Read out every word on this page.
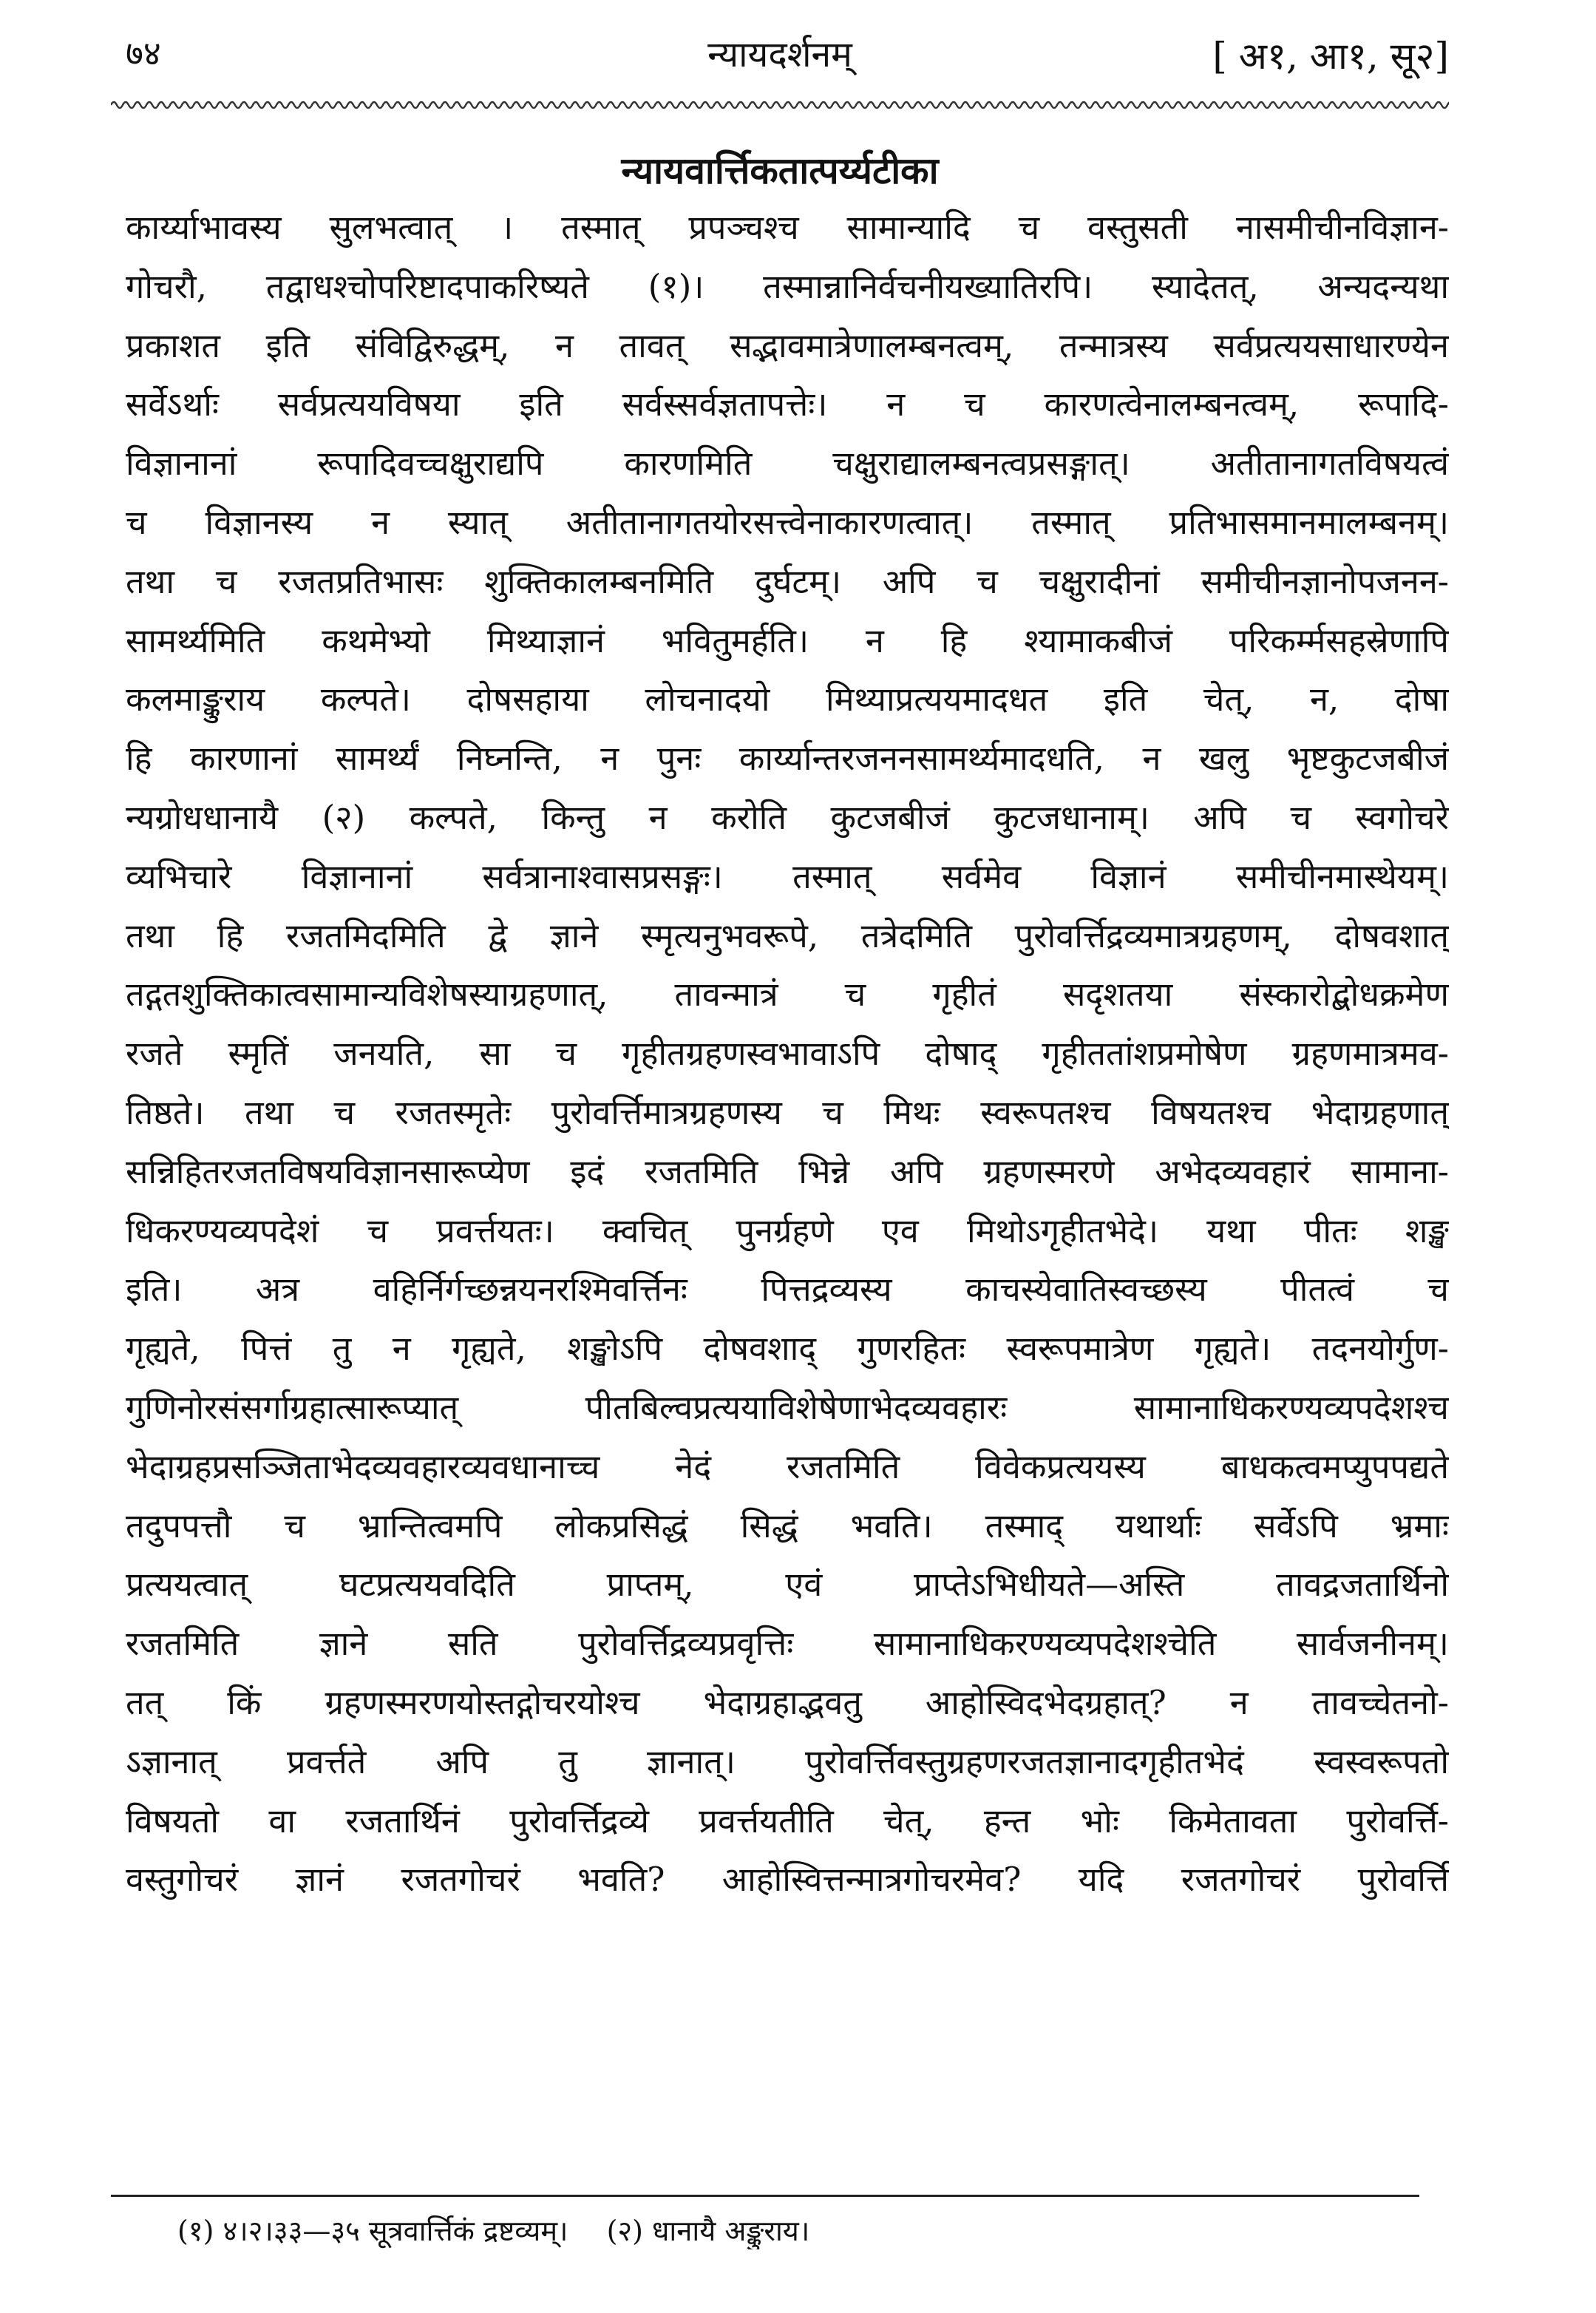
७४	न्यायदर्शनम्	[ अ१, आ१, सू२]
न्यायवार्त्तिकतात्पर्य्यटीका
कार्य्याभावस्य सुलभत्वात् । तस्मात् प्रपञ्चश्च सामान्यादि च वस्तुसती नासमीचीनविज्ञान-
गोचरौ, तद्वाधश्चोपरिष्टादपाकरिष्यते (१)। तस्मान्नानिर्वचनीयख्यातिरपि। स्यादेतत्, अन्यदन्यथा
प्रकाशत इति संविद्विरुद्धम्, न तावत् सद्भावमात्रेणालम्बनत्वम्, तन्मात्रस्य सर्वप्रत्ययसाधारण्येन
सर्वेऽर्थाः सर्वप्रत्ययविषया इति सर्वस्सर्वज्ञतापत्तेः। न च कारणत्वेनालम्बनत्वम्, रूपादि-
विज्ञानानां रूपादिवच्चक्षुराद्यपि कारणमिति चक्षुराद्यालम्बनत्वप्रसङ्गात्। अतीतानागतविषयत्वं
च विज्ञानस्य न स्यात् अतीतानागतयोरसत्त्वेनाकारणत्वात्। तस्मात् प्रतिभासमानमालम्बनम्।
तथा च रजतप्रतिभासः शुक्तिकालम्बनमिति दुर्घटम्। अपि च चक्षुरादीनां समीचीनज्ञानोपजनन-
सामर्थ्यमिति कथमेभ्यो मिथ्याज्ञानं भवितुमर्हति। न हि श्यामाकबीजं परिकर्म्मसहस्रेणापि
कलमाङ्कुराय कल्पते। दोषसहाया लोचनादयो मिथ्याप्रत्ययमादधत इति चेत्, न, दोषा
हि कारणानां सामर्थ्यं निघ्नन्ति, न पुनः कार्य्यान्तरजननसामर्थ्यमादधति, न खलु भृष्टकुटजबीजं
न्यग्रोधधानायै (२) कल्पते, किन्तु न करोति कुटजबीजं कुटजधानाम्। अपि च स्वगोचरे
व्यभिचारे विज्ञानानां सर्वत्रानाश्वासप्रसङ्गः। तस्मात् सर्वमेव विज्ञानं समीचीनमास्थेयम्।
तथा हि रजतमिदमिति द्वे ज्ञाने स्मृत्यनुभवरूपे, तत्रेदमिति पुरोवर्त्तिद्रव्यमात्रग्रहणम्, दोषवशात्
तद्गतशुक्तिकात्वसामान्यविशेषस्याग्रहणात्, तावन्मात्रं च गृहीतं सदृशतया संस्कारोद्बोधक्रमेण
रजते स्मृतिं जनयति, सा च गृहीतग्रहणस्वभावाऽपि दोषाद् गृहीततांशप्रमोषेण ग्रहणमात्रमव-
तिष्ठते। तथा च रजतस्मृतेः पुरोवर्त्तिमात्रग्रहणस्य च मिथः स्वरूपतश्च विषयतश्च भेदाग्रहणात्
सन्निहितरजतविषयविज्ञानसारूप्येण इदं रजतमिति भिन्ने अपि ग्रहणस्मरणे अभेदव्यवहारं सामाना-
धिकरण्यव्यपदेशं च प्रवर्त्तयतः। क्वचित् पुनर्ग्रहणे एव मिथोऽगृहीतभेदे। यथा पीतः शङ्ख
इति। अत्र वहिर्निर्गच्छन्नयनरश्मिवर्त्तिनः पित्तद्रव्यस्य काचस्येवातिस्वच्छस्य पीतत्वं च
गृह्यते, पित्तं तु न गृह्यते, शङ्खोऽपि दोषवशाद् गुणरहितः स्वरूपमात्रेण गृह्यते। तदनयोर्गुण-
गुणिनोरसंसर्गाग्रहात्सारूप्यात् पीतबिल्वप्रत्ययाविशेषेणाभेदव्यवहारः सामानाधिकरण्यव्यपदेशश्च
भेदाग्रहप्रसञ्जिताभेदव्यवहारव्यवधानाच्च नेदं रजतमिति विवेकप्रत्ययस्य बाधकत्वमप्युपपद्यते
तदुपपत्तौ च भ्रान्तित्वमपि लोकप्रसिद्धं सिद्धं भवति। तस्माद् यथार्थाः सर्वेऽपि भ्रमाः
प्रत्ययत्वात् घटप्रत्ययवदिति प्राप्तम्, एवं प्राप्तेऽभिधीयते—अस्ति तावद्रजतार्थिनो
रजतमिति ज्ञाने सति पुरोवर्त्तिद्रव्यप्रवृत्तिः सामानाधिकरण्यव्यपदेशश्चेति सार्वजनीनम्।
तत् किं ग्रहणस्मरणयोस्तद्गोचरयोश्च भेदाग्रहाद्भवतु आहोस्विदभेदग्रहात्? न तावच्चेतनो-
ऽज्ञानात् प्रवर्त्तते अपि तु ज्ञानात्। पुरोवर्त्तिवस्तुग्रहणरजतज्ञानादगृहीतभेदं स्वस्वरूपतो
विषयतो वा रजतार्थिनं पुरोवर्त्तिद्रव्ये प्रवर्त्तयतीति चेत्, हन्त भोः किमेतावता पुरोवर्त्ति-
वस्तुगोचरं ज्ञानं रजतगोचरं भवति? आहोस्वित्तन्मात्रगोचरमेव? यदि रजतगोचरं पुरोवर्त्ति
(१) ४।२।३३—३५ सूत्रवार्त्तिकं द्रष्टव्यम्। (२) धानायै अङ्कुराय।
